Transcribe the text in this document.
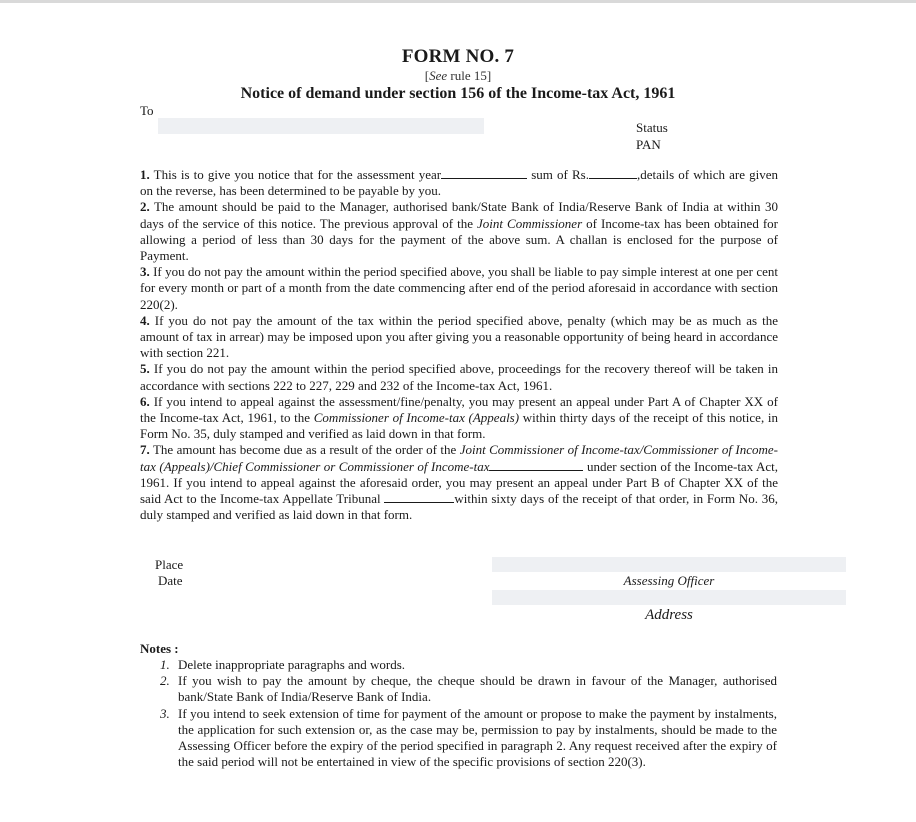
FORM NO. 7
[See rule 15]
Notice of demand under section 156 of the Income-tax Act, 1961
To
Status
PAN

1. This is to give you notice that for the assessment year	sum of Rs.	,details of which are given on the reverse, has been determined to be payable by you.

2. The amount should be paid to the Manager, authorised bank/State Bank of India/Reserve Bank of India at within 30 days of the service of this notice. The previous approval of the Joint Commissioner of Income-tax has been obtained for allowing a period of less than 30 days for the payment of the above sum. A challan is enclosed for the purpose of Payment.

3. If you do not pay the amount within the period specified above, you shall be liable to pay simple interest at one per cent for every month or part of a month from the date commencing after end of the period aforesaid in accordance with section 220(2).

4. If you do not pay the amount of the tax within the period specified above, penalty (which may be as much as the amount of tax in arrear) may be imposed upon you after giving you a reasonable opportunity of being heard in accordance with section 221.

5. If you do not pay the amount within the period specified above, proceedings for the recovery thereof will be taken in accordance with sections 222 to 227, 229 and 232 of the Income-tax Act, 1961.

6. If you intend to appeal against the assessment/fine/penalty, you may present an appeal under Part A of Chapter XX of the Income-tax Act, 1961, to the Commissioner of Income-tax (Appeals) within thirty days of the receipt of this notice, in Form No. 35, duly stamped and verified as laid down in that form.

7. The amount has become due as a result of the order of the Joint Commissioner of Income-tax/Commissioner of Income-tax (Appeals)/Chief Commissioner or Commissioner of Income-tax	under section of the Income-tax Act, 1961. If you intend to appeal against the aforesaid order, you may present an appeal under Part B of Chapter XX of the said Act to the Income-tax Appellate Tribunal	within sixty days of the receipt of that order, in Form No. 36, duly stamped and verified as laid down in that form.

Place
Date	Assessing Officer
Address
Notes :

1. Delete inappropriate paragraphs and words.

2. If you wish to pay the amount by cheque, the cheque should be drawn in favour of the Manager, authorised bank/State Bank of India/Reserve Bank of India.

3. If you intend to seek extension of time for payment of the amount or propose to make the payment by instalments, the application for such extension or, as the case may be, permission to pay by instalments, should be made to the Assessing Officer before the expiry of the period specified in paragraph 2. Any request received after the expiry of the said period will not be entertained in view of the specific provisions of section 220(3).
